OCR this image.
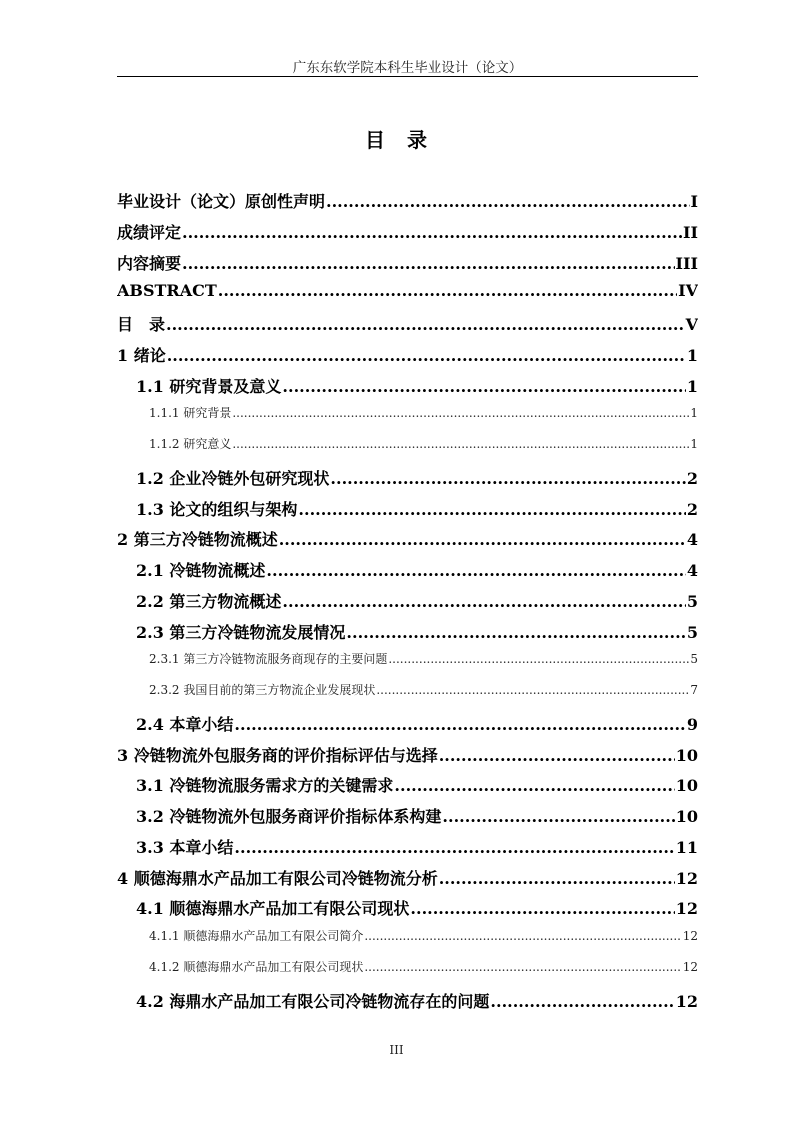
广东东软学院本科生毕业设计（论文）
目　录
毕业设计（论文）原创性声明 .....	I
成绩评定 .....	II
内容摘要 .....	III
ABSTRACT .....	IV
目　录 .....	V
1 绪论 .....	1
1.1 研究背景及意义 .....	1
1.1.1 研究背景 .....	1
1.1.2 研究意义 .....	1
1.2 企业冷链外包研究现状 .....	2
1.3 论文的组织与架构 .....	2
2 第三方冷链物流概述 .....	4
2.1 冷链物流概述 .....	4
2.2 第三方物流概述 .....	5
2.3 第三方冷链物流发展情况 .....	5
2.3.1 第三方冷链物流服务商现存的主要问题 .....	5
2.3.2 我国目前的第三方物流企业发展现状 .....	7
2.4 本章小结 .....	9
3 冷链物流外包服务商的评价指标评估与选择 .....	10
3.1 冷链物流服务需求方的关键需求 .....	10
3.2 冷链物流外包服务商评价指标体系构建 .....	10
3.3 本章小结 .....	11
4 顺德海鼎水产品加工有限公司冷链物流分析 .....	12
4.1 顺德海鼎水产品加工有限公司现状 .....	12
4.1.1 顺德海鼎水产品加工有限公司简介 .....	12
4.1.2 顺德海鼎水产品加工有限公司现状 .....	12
4.2 海鼎水产品加工有限公司冷链物流存在的问题 .....	12
III
